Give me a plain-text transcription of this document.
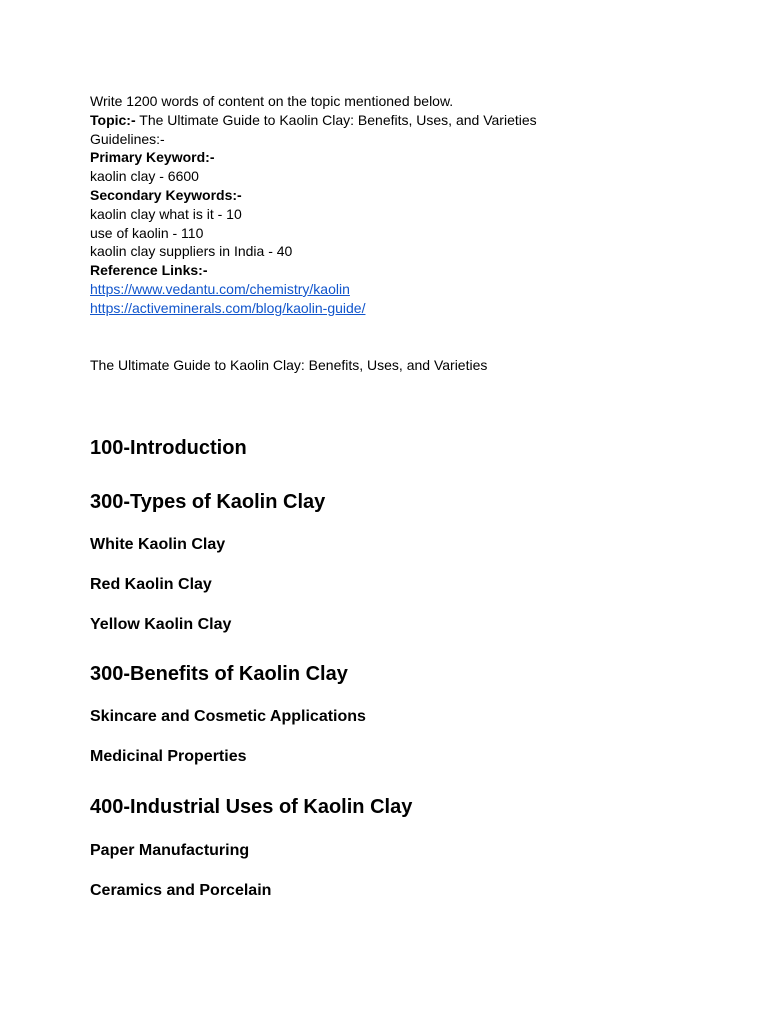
Write 1200 words of content on the topic mentioned below.
Topic:- The Ultimate Guide to Kaolin Clay: Benefits, Uses, and Varieties
Guidelines:-
Primary Keyword:-
kaolin clay - 6600
Secondary Keywords:-
kaolin clay what is it - 10
use of kaolin - 110
kaolin clay suppliers in India - 40
Reference Links:-
https://www.vedantu.com/chemistry/kaolin
https://activeminerals.com/blog/kaolin-guide/
The Ultimate Guide to Kaolin Clay: Benefits, Uses, and Varieties
100-Introduction
300-Types of Kaolin Clay
White Kaolin Clay
Red Kaolin Clay
Yellow Kaolin Clay
300-Benefits of Kaolin Clay
Skincare and Cosmetic Applications
Medicinal Properties
400-Industrial Uses of Kaolin Clay
Paper Manufacturing
Ceramics and Porcelain
